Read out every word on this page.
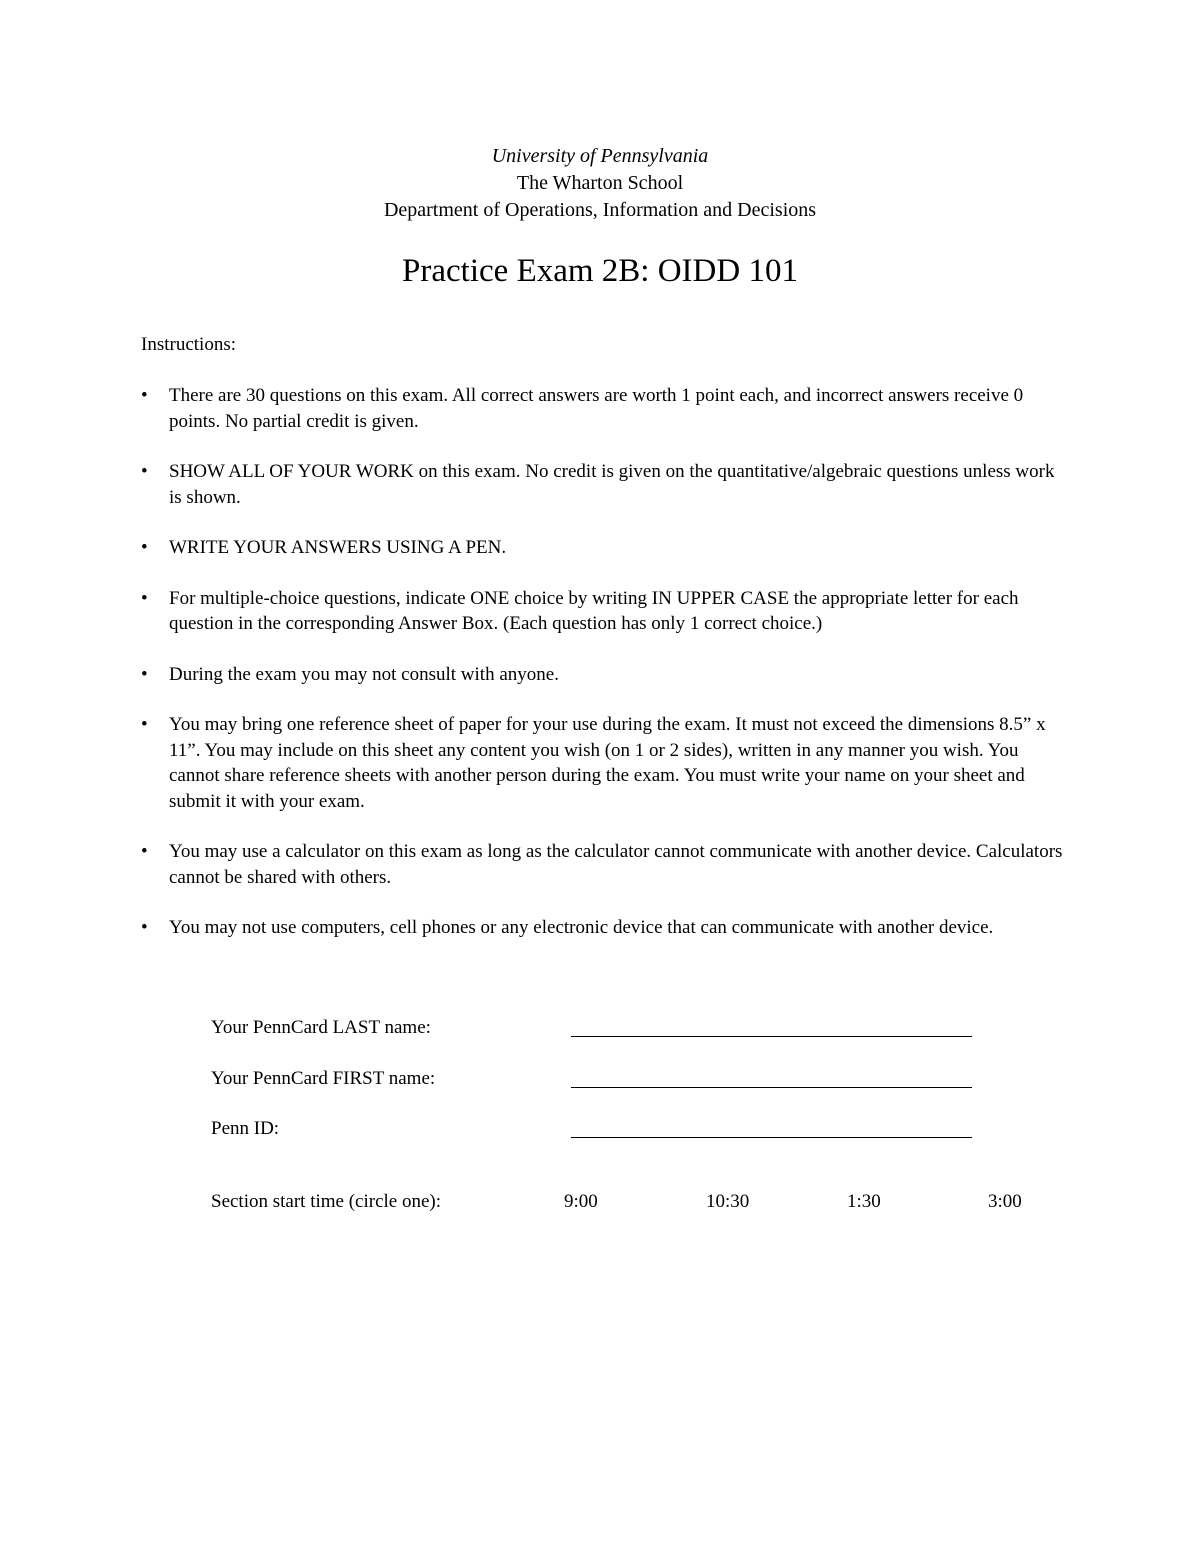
University of Pennsylvania
The Wharton School
Department of Operations, Information and Decisions
Practice Exam 2B: OIDD 101
Instructions:
• There are 30 questions on this exam. All correct answers are worth 1 point each, and incorrect answers receive 0 points. No partial credit is given.
• SHOW ALL OF YOUR WORK on this exam. No credit is given on the quantitative/algebraic questions unless work is shown.
• WRITE YOUR ANSWERS USING A PEN.
• For multiple-choice questions, indicate ONE choice by writing IN UPPER CASE the appropriate letter for each question in the corresponding Answer Box. (Each question has only 1 correct choice.)
• During the exam you may not consult with anyone.
• You may bring one reference sheet of paper for your use during the exam. It must not exceed the dimensions 8.5” x 11”. You may include on this sheet any content you wish (on 1 or 2 sides), written in any manner you wish. You cannot share reference sheets with another person during the exam. You must write your name on your sheet and submit it with your exam.
• You may use a calculator on this exam as long as the calculator cannot communicate with another device. Calculators cannot be shared with others.
• You may not use computers, cell phones or any electronic device that can communicate with another device.
Your PennCard LAST name:
Your PennCard FIRST name:
Penn ID:
Section start time (circle one):	9:00	10:30	1:30	3:00
